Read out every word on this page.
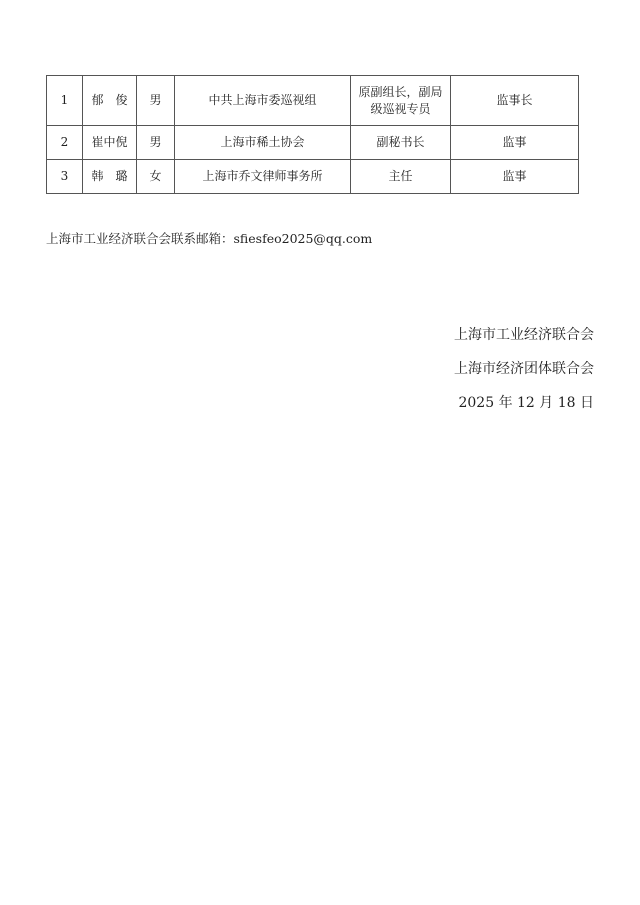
1	郁　俊	男	中共上海市委巡视组	原副组长，副局
级巡视专员	监事长
2	崔中倪	男	上海市稀土协会	副秘书长	监事
3	韩　璐	女	上海市乔文律师事务所	主任	监事
上海市工业经济联合会联系邮箱：sfiesfeo2025@qq.com
上海市工业经济联合会
上海市经济团体联合会
2025 年 12 月 18 日
